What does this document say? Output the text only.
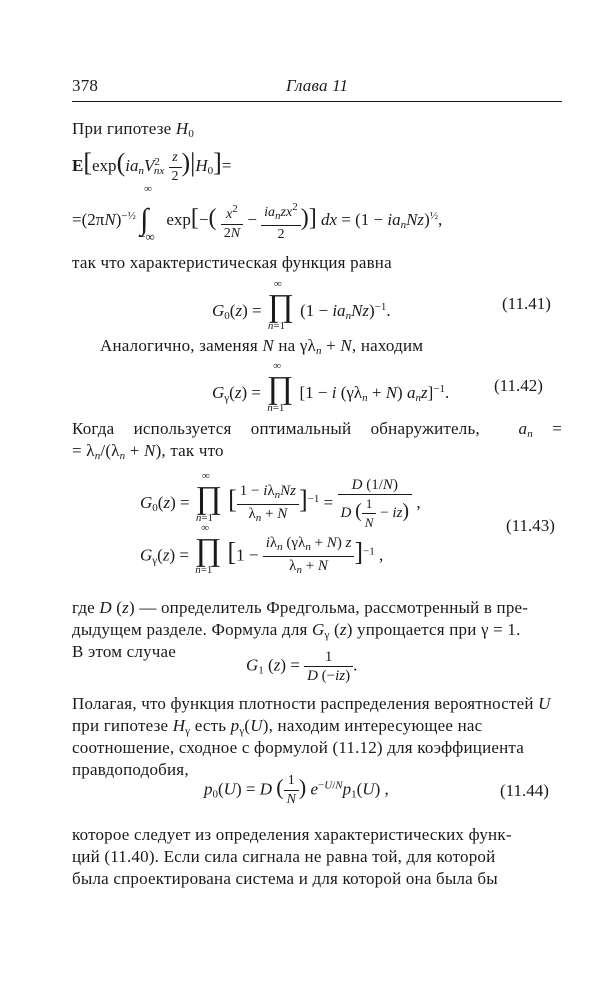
378	Глава 11
При гипотезе $H_0$
$E[\exp(ia_nV^2_{nx} \frac{z}{2} )|H_0]=$
$=(2\pi N)^{-\frac{1}{2}}$ ∫
∞
−∞
$\exp[-( \frac{x^2}{2N} - \frac{ia_nzx^2}{2}$ )] dx = $(1 - ia_nNz)^{\frac{1}{2}}$,
так что характеристическая функция равна
$G_0(z)$ = ∏
∞
n=1
$(1 - ia_nNz)^{-1}$.	(11.41)
Аналогично, заменяя N на $\gamma\lambda_n + N$, находим
$G_\gamma(z)$ = ∏
∞
n=1
[1 − i $(\gamma\lambda_n + N)$ $a_nz]^{-1}$.	(11.42)
Когда используется оптимальный обнаружитель, $a_n$ =
= $\lambda_n/(\lambda_n + N)$, так что
$G_0(z)$ = ∏
∞
n=1
[ $\frac{1 - i\lambda_nNz}{\lambda_n + N} ]^{-1} = \frac{D (1/N)}{D ( \frac{1}{N} - iz)}$ ,
(11.43)
$G_\gamma(z)$ = ∏
∞
n=1
$[1 - \frac{i\lambda_n (\gamma\lambda_n + N) z}{\lambda_n + N} ]^{-1}$ ,
где D (z) — определитель Фредгольма, рассмотренный в пре-
дыдущем разделе. Формула для $G_\gamma$ (z) упрощается при γ = 1.
В этом случае
$G_1$ $(z) = \frac{1}{D (-iz)}$ .
Полагая, что функция плотности распределения вероятностей U
при гипотезе $H_\gamma$ есть $p_\gamma(U)$, находим интересующее нас
соотношение, сходное с формулой (11.12) для коэффициента
правдоподобия,
$p_0(U) = D$ ( $\frac{1}{N}$ ) $e^{-U/N}p_1(U)$ ,	(11.44)
которое следует из определения характеристических функ-
ций (11.40). Если сила сигнала не равна той, для которой
была спроектирована система и для которой она была бы
